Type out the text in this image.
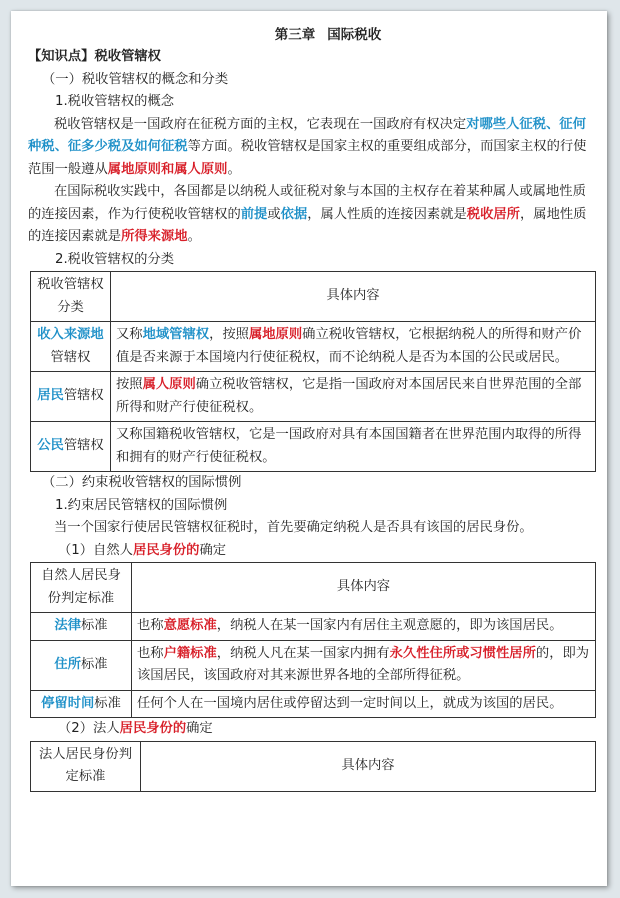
第三章 国际税收

【知识点】税收管辖权

（一）税收管辖权的概念和分类

1.税收管辖权的概念

税收管辖权是一国政府在征税方面的主权，它表现在一国政府有权决定对哪些人征税、征何种税、征多少税及如何征税等方面。税收管辖权是国家主权的重要组成部分，而国家主权的行使范围一般遵从属地原则和属人原则。

在国际税收实践中，各国都是以纳税人或征税对象与本国的主权存在着某种属人或属地性质的连接因素，作为行使税收管辖权的前提或依据，属人性质的连接因素就是税收居所，属地性质的连接因素就是所得来源地。

2.税收管辖权的分类

税收管辖权分类	具体内容
收入来源地管辖权	又称地域管辖权，按照属地原则确立税收管辖权，它根据纳税人的所得和财产价值是否来源于本国境内行使征税权，而不论纳税人是否为本国的公民或居民。
居民管辖权	按照属人原则确立税收管辖权，它是指一国政府对本国居民来自世界范围的全部所得和财产行使征税权。
公民管辖权	又称国籍税收管辖权，它是一国政府对具有本国国籍者在世界范围内取得的所得和拥有的财产行使征税权。

（二）约束税收管辖权的国际惯例

1.约束居民管辖权的国际惯例

当一个国家行使居民管辖权征税时，首先要确定纳税人是否具有该国的居民身份。

（1）自然人居民身份的确定

自然人居民身份判定标准	具体内容
法律标准	也称意愿标准，纳税人在某一国家内有居住主观意愿的，即为该国居民。
住所标准	也称户籍标准，纳税人凡在某一国家内拥有永久性住所或习惯性居所的，即为该国居民，该国政府对其来源世界各地的全部所得征税。
停留时间标准	任何个人在一国境内居住或停留达到一定时间以上，就成为该国的居民。

（2）法人居民身份的确定

法人居民身份判定标准	具体内容
